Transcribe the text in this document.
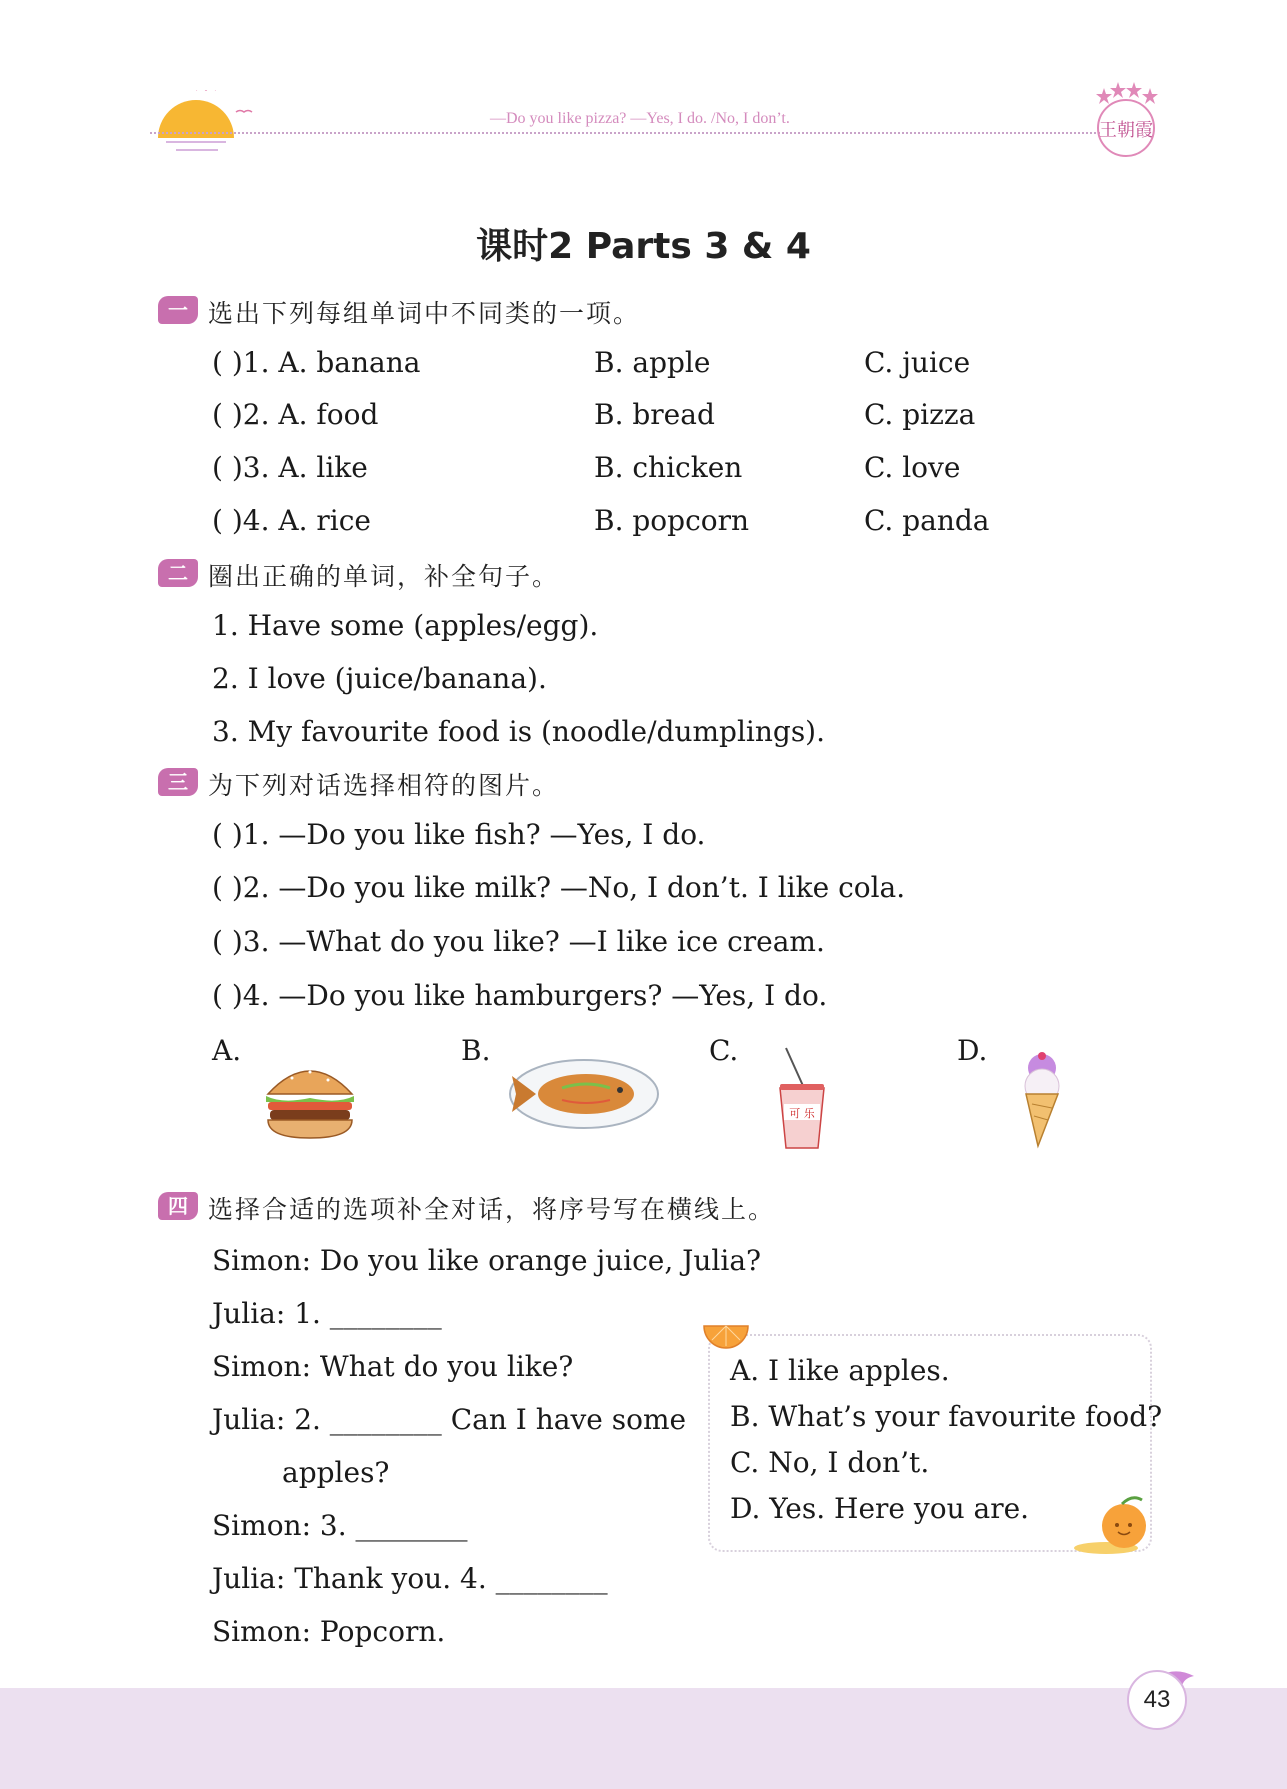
—Do you like pizza? —Yes, I do. /No, I don’t.
王朝霞
课时2 Parts 3 & 4
一 选出下列每组单词中不同类的一项。
( )1. A. banana	B. apple	C. juice
( )2. A. food	B. bread	C. pizza
( )3. A. like	B. chicken	C. love
( )4. A. rice	B. popcorn	C. panda
二 圈出正确的单词，补全句子。
1. Have some (apples/egg).
2. I love (juice/banana).
3. My favourite food is (noodle/dumplings).
三 为下列对话选择相符的图片。
( )1. —Do you like fish? —Yes, I do.
( )2. —Do you like milk? —No, I don’t. I like cola.
( )3. —What do you like? —I like ice cream.
( )4. —Do you like hamburgers? —Yes, I do.
A.	B.	C.
可 乐
D.
四 选择合适的选项补全对话，将序号写在横线上。
Simon: Do you like orange juice, Julia?
Julia: 1. ________
Simon: What do you like?
Julia: 2. ________ Can I have some
apples?
Simon: 3. ________
Julia: Thank you. 4. ________
Simon: Popcorn.
A. I like apples.
B. What’s your favourite food?
C. No, I don’t.
D. Yes. Here you are.
43
